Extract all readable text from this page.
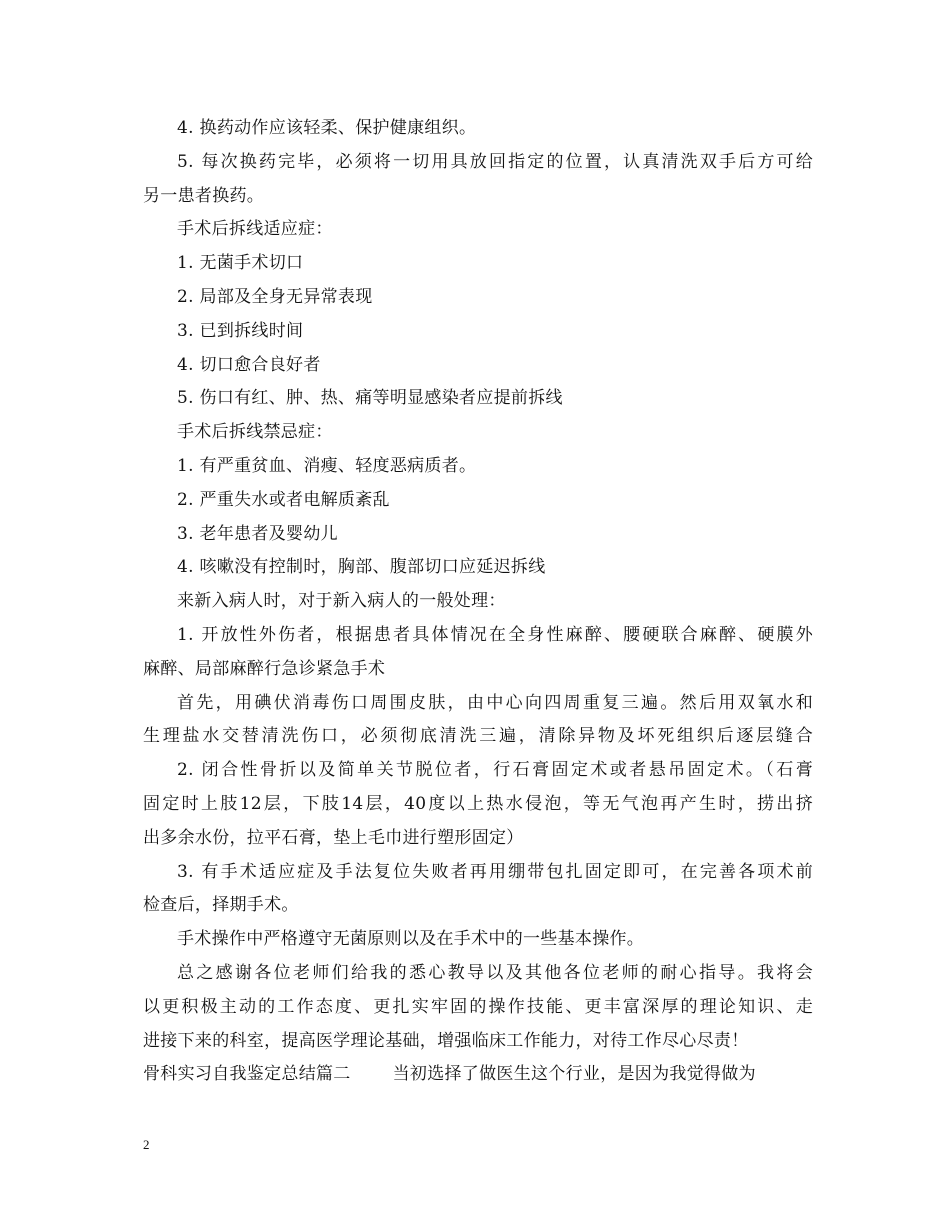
4. 换药动作应该轻柔、保护健康组织。
5. 每次换药完毕，必须将一切用具放回指定的位置，认真清洗双手后方可给
另一患者换药。
手术后拆线适应症：
1. 无菌手术切口
2. 局部及全身无异常表现
3. 已到拆线时间
4. 切口愈合良好者
5. 伤口有红、肿、热、痛等明显感染者应提前拆线
手术后拆线禁忌症：
1. 有严重贫血、消瘦、轻度恶病质者。
2. 严重失水或者电解质紊乱
3. 老年患者及婴幼儿
4. 咳嗽没有控制时，胸部、腹部切口应延迟拆线
来新入病人时，对于新入病人的一般处理：
1. 开放性外伤者，根据患者具体情况在全身性麻醉、腰硬联合麻醉、硬膜外
麻醉、局部麻醉行急诊紧急手术
首先，用碘伏消毒伤口周围皮肤，由中心向四周重复三遍。然后用双氧水和
生理盐水交替清洗伤口，必须彻底清洗三遍，清除异物及坏死组织后逐层缝合
2. 闭合性骨折以及简单关节脱位者，行石膏固定术或者悬吊固定术。（石膏
固定时上肢12层，下肢14层，40度以上热水侵泡，等无气泡再产生时，捞出挤
出多余水份，拉平石膏，垫上毛巾进行塑形固定）
3. 有手术适应症及手法复位失败者再用绷带包扎固定即可，在完善各项术前
检查后，择期手术。
手术操作中严格遵守无菌原则以及在手术中的一些基本操作。
总之感谢各位老师们给我的悉心教导以及其他各位老师的耐心指导。我将会
以更积极主动的工作态度、更扎实牢固的操作技能、更丰富深厚的理论知识、走
进接下来的科室，提高医学理论基础，增强临床工作能力，对待工作尽心尽责！
骨科实习自我鉴定总结篇二 当初选择了做医生这个行业，是因为我觉得做为
2
